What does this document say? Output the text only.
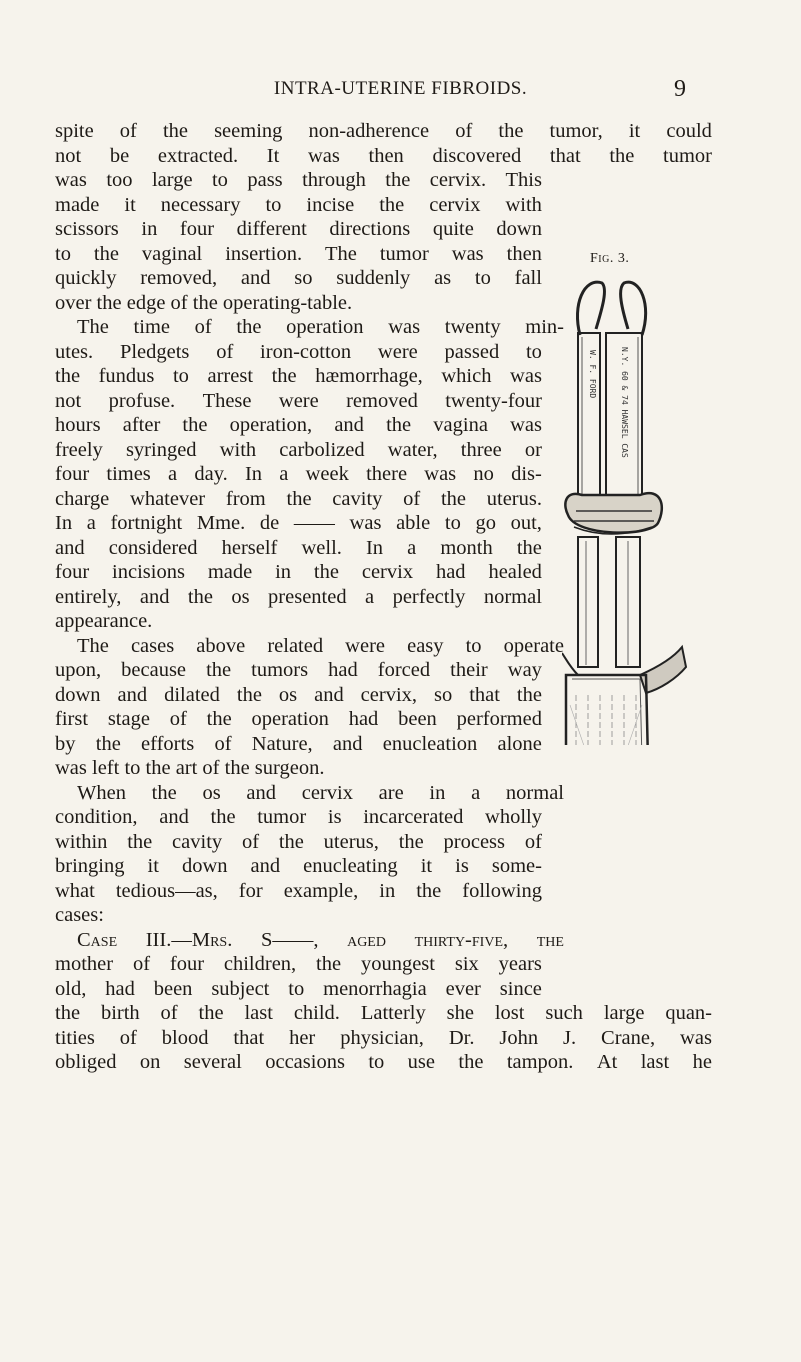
INTRA-UTERINE FIBROIDS.	9
Fig. 3.
W. F. FORD	N.Y. 60 & 74 HAWSEL CAS
spite of the seeming non-adherence of the tumor, it could
not be extracted. It was then discovered that the tumor
was too large to pass through the cervix. This
made it necessary to incise the cervix with
scissors in four different directions quite down
to the vaginal insertion. The tumor was then
quickly removed, and so suddenly as to fall
over the edge of the operating-table.
The time of the operation was twenty min-
utes. Pledgets of iron-cotton were passed to
the fundus to arrest the hæmorrhage, which was
not profuse. These were removed twenty-four
hours after the operation, and the vagina was
freely syringed with carbolized water, three or
four times a day. In a week there was no dis-
charge whatever from the cavity of the uterus.
In a fortnight Mme. de —— was able to go out,
and considered herself well. In a month the
four incisions made in the cervix had healed
entirely, and the os presented a perfectly normal
appearance.
The cases above related were easy to operate
upon, because the tumors had forced their way
down and dilated the os and cervix, so that the
first stage of the operation had been performed
by the efforts of Nature, and enucleation alone
was left to the art of the surgeon.
When the os and cervix are in a normal
condition, and the tumor is incarcerated wholly
within the cavity of the uterus, the process of
bringing it down and enucleating it is some-
what tedious—as, for example, in the following
cases:
Case III.—Mrs. S——, aged thirty-five, the
mother of four children, the youngest six years
old, had been subject to menorrhagia ever since
the birth of the last child. Latterly she lost such large quan-
tities of blood that her physician, Dr. John J. Crane, was
obliged on several occasions to use the tampon. At last he
